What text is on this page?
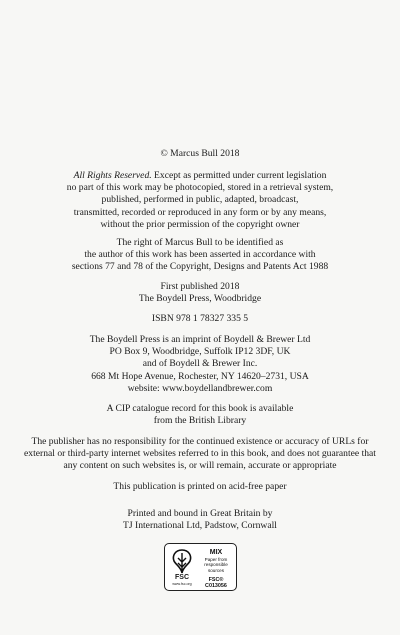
© Marcus Bull 2018
All Rights Reserved. Except as permitted under current legislation
no part of this work may be photocopied, stored in a retrieval system,
published, performed in public, adapted, broadcast,
transmitted, recorded or reproduced in any form or by any means,
without the prior permission of the copyright owner
The right of Marcus Bull to be identified as
the author of this work has been asserted in accordance with
sections 77 and 78 of the Copyright, Designs and Patents Act 1988
First published 2018
The Boydell Press, Woodbridge
ISBN 978 1 78327 335 5
The Boydell Press is an imprint of Boydell & Brewer Ltd
PO Box 9, Woodbridge, Suffolk IP12 3DF, UK
and of Boydell & Brewer Inc.
668 Mt Hope Avenue, Rochester, NY 14620–2731, USA
website: www.boydellandbrewer.com
A CIP catalogue record for this book is available
from the British Library
The publisher has no responsibility for the continued existence or accuracy of URLs for
external or third-party internet websites referred to in this book, and does not guarantee that
any content on such websites is, or will remain, accurate or appropriate
This publication is printed on acid-free paper
Printed and bound in Great Britain by
TJ International Ltd, Padstow, Cornwall
FSC
www.fsc.org
MIX
Paper from
responsible sources
FSC® C013056
